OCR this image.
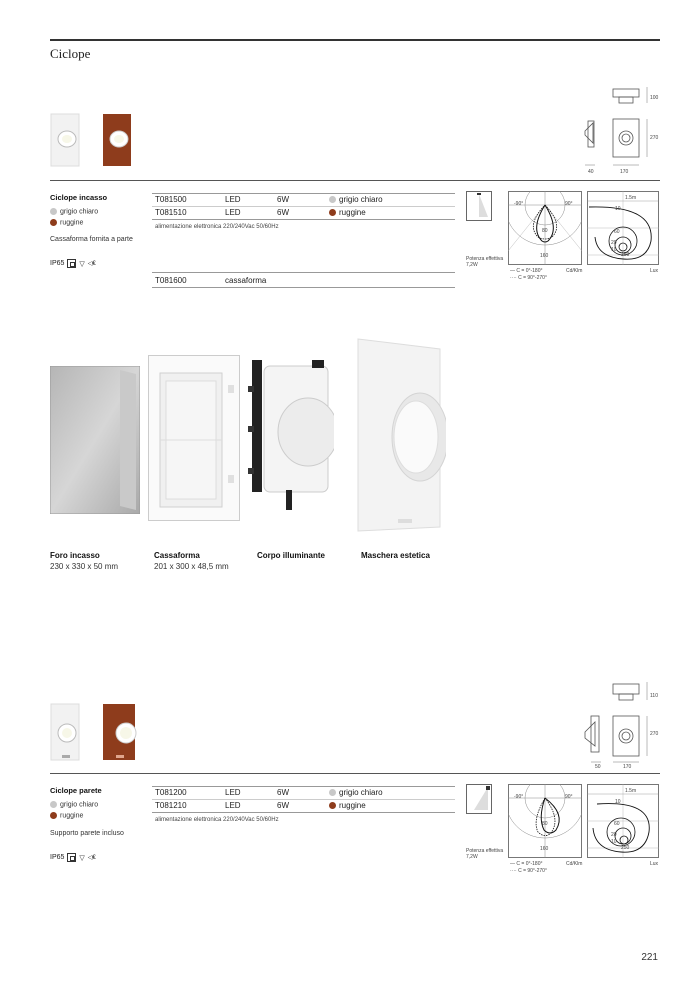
Ciclope
100
270
40	170
Ciclope incasso
grigio chiaro
ruggine
Cassaforma fornita a parte
IP65 ▽ ◁€
T081500	LED	6W	grigio chiaro
T081510	LED	6W	ruggine
alimentazione elettronica 220/240Vac 50/60Hz
T081600	cassaforma
Potenza effettiva
7,2W
-90°	90°
80
160
— C = 0°-180°
···· C = 90°-270°
Cd/Klm
1.5m
10
60
20
10
250
Lux
Foro incasso
230 x 330 x 50 mm
Cassaforma
201 x 300 x 48,5 mm
Corpo illuminante	Maschera estetica
110
270
50	170
Ciclope parete
grigio chiaro
ruggine
Supporto parete incluso
IP65 ▽ ◁€
T081200	LED	6W	grigio chiaro
T081210	LED	6W	ruggine
alimentazione elettronica 220/240Vac 50/60Hz
Potenza effettiva
7,2W
-90°	90°
80
160
— C = 0°-180°
···· C = 90°-270°
Cd/Klm
1.5m
10
60
20
10
250
Lux
221
